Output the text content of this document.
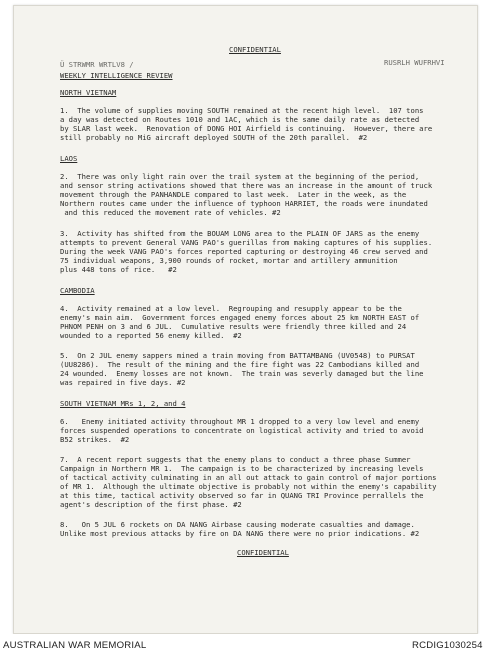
CONFIDENTIAL
Ü STRWMR WRTLV8 /	RUSRLH WUFRHVI
WEEKLY INTELLIGENCE REVIEW
NORTH VIETNAM
1.  The volume of supplies moving SOUTH remained at the recent high level.  107 tons
a day was detected on Routes 1010 and 1AC, which is the same daily rate as detected
by SLAR last week.  Renovation of DONG HOI Airfield is continuing.  However, there are
still probably no MiG aircraft deployed SOUTH of the 20th parallel.  #2
LAOS
2.  There was only light rain over the trail system at the beginning of the period,
and sensor string activations showed that there was an increase in the amount of truck
movement through the PANHANDLE compared to last week.  Later in the week, as the
Northern routes came under the influence of typhoon HARRIET, the roads were inundated
and this reduced the movement rate of vehicles. #2
3.  Activity has shifted from the BOUAM LONG area to the PLAIN OF JARS as the enemy
attempts to prevent General VANG PAO's guerillas from making captures of his supplies.
During the week VANG PAO's forces reported capturing or destroying 46 crew served and
75 individual weapons, 3,900 rounds of rocket, mortar and artillery ammunition
plus 448 tons of rice.   #2
CAMBODIA
4.  Activity remained at a low level.  Regrouping and resupply appear to be the
enemy's main aim.  Government forces engaged enemy forces about 25 km NORTH EAST of
PHNOM PENH on 3 and 6 JUL.  Cumulative results were friendly three killed and 24
wounded to a reported 56 enemy killed.  #2
5.  On 2 JUL enemy sappers mined a train moving from BATTAMBANG (UV0548) to PURSAT
(UU8286).  The result of the mining and the fire fight was 22 Cambodians killed and
24 wounded.  Enemy losses are not known.  The train was severly damaged but the line
was repaired in five days. #2
SOUTH VIETNAM MRs 1, 2, and 4
6.   Enemy initiated activity throughout MR 1 dropped to a very low level and enemy
forces suspended operations to concentrate on logistical activity and tried to avoid
B52 strikes.  #2
7.  A recent report suggests that the enemy plans to conduct a three phase Summer
Campaign in Northern MR 1.  The campaign is to be characterized by increasing levels
of tactical activity culminating in an all out attack to gain control of major portions
of MR 1.  Although the ultimate objective is probably not within the enemy's capability
at this time, tactical activity observed so far in QUANG TRI Province perrallels the
agent's description of the first phase. #2
8.   On 5 JUL 6 rockets on DA NANG Airbase causing moderate casualties and damage.
Unlike most previous attacks by fire on DA NANG there were no prior indications. #2
CONFIDENTIAL
AUSTRALIAN WAR MEMORIAL	RCDIG1030254
